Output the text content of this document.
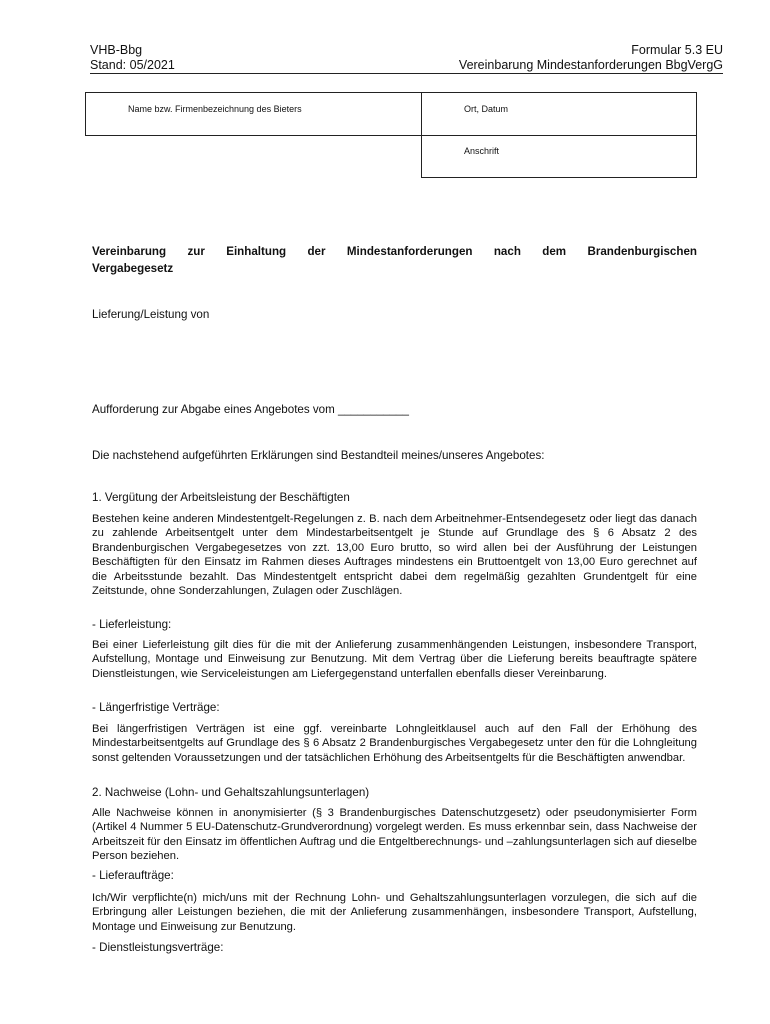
VHB-Bbg
Stand: 05/2021
Formular 5.3 EU
Vereinbarung Mindestanforderungen BbgVergG
Name bzw. Firmenbezeichnung des Bieters	Ort, Datum
Anschrift
Vereinbarung zur Einhaltung der Mindestanforderungen nach dem Brandenburgischen
Vergabegesetz
Lieferung/Leistung von
Aufforderung zur Abgabe eines Angebotes vom ___________
Die nachstehend aufgeführten Erklärungen sind Bestandteil meines/unseres Angebotes:
1. Vergütung der Arbeitsleistung der Beschäftigten
Bestehen keine anderen Mindestentgelt-Regelungen z. B. nach dem Arbeitnehmer-Entsendegesetz oder liegt das danach zu zahlende Arbeitsentgelt unter dem Mindestarbeitsentgelt je Stunde auf Grundlage des § 6 Absatz 2 des Brandenburgischen Vergabegesetzes von zzt. 13,00 Euro brutto, so wird allen bei der Ausführung der Leistungen Beschäftigten für den Einsatz im Rahmen dieses Auftrages mindestens ein Bruttoentgelt von 13,00 Euro gerechnet auf die Arbeitsstunde bezahlt. Das Mindestentgelt entspricht dabei dem regelmäßig gezahlten Grundentgelt für eine Zeitstunde, ohne Sonderzahlungen, Zulagen oder Zuschlägen.
- Lieferleistung:
Bei einer Lieferleistung gilt dies für die mit der Anlieferung zusammenhängenden Leistungen, insbesondere Transport, Aufstellung, Montage und Einweisung zur Benutzung. Mit dem Vertrag über die Lieferung bereits beauftragte spätere Dienstleistungen, wie Serviceleistungen am Liefergegenstand unterfallen ebenfalls dieser Vereinbarung.
- Längerfristige Verträge:
Bei längerfristigen Verträgen ist eine ggf. vereinbarte Lohngleitklausel auch auf den Fall der Erhöhung des Mindestarbeitsentgelts auf Grundlage des § 6 Absatz 2 Brandenburgisches Vergabegesetz unter den für die Lohngleitung sonst geltenden Voraussetzungen und der tatsächlichen Erhöhung des Arbeitsentgelts für die Beschäftigten anwendbar.
2. Nachweise (Lohn- und Gehaltszahlungsunterlagen)
Alle Nachweise können in anonymisierter (§ 3 Brandenburgisches Datenschutzgesetz) oder pseudonymisierter Form (Artikel 4 Nummer 5 EU-Datenschutz-Grundverordnung) vorgelegt werden. Es muss erkennbar sein, dass Nachweise der Arbeitszeit für den Einsatz im öffentlichen Auftrag und die Entgeltberechnungs- und –zahlungsunterlagen sich auf dieselbe Person beziehen.
- Lieferaufträge:
Ich/Wir verpflichte(n) mich/uns mit der Rechnung Lohn- und Gehaltszahlungsunterlagen vorzulegen, die sich auf die Erbringung aller Leistungen beziehen, die mit der Anlieferung zusammenhängen, insbesondere Transport, Aufstellung, Montage und Einweisung zur Benutzung.
- Dienstleistungsverträge:
